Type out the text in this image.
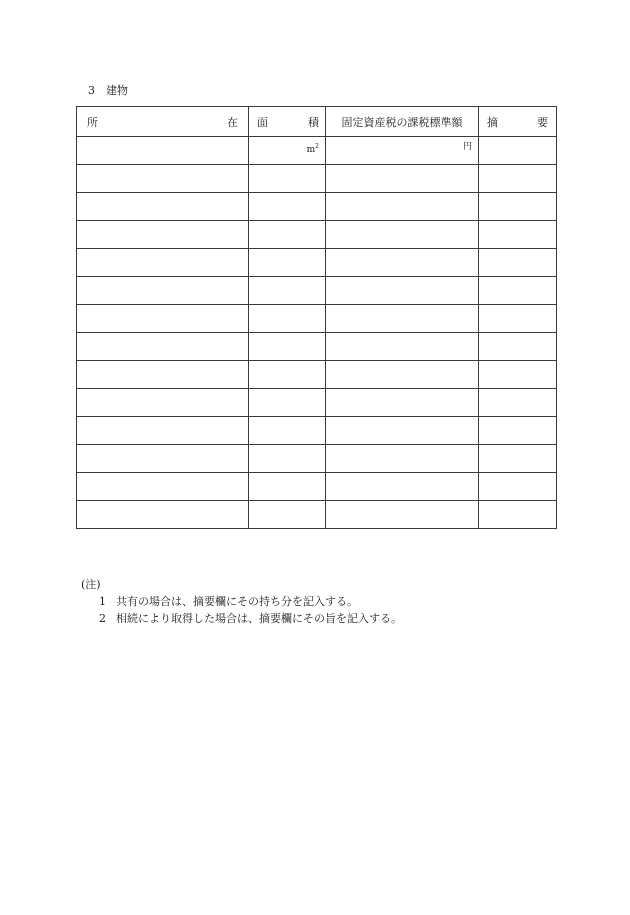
3 建物
所 在	面 積	固定資産税の課税標準額	摘 要

	$m^2$	円	

(注)
1 共有の場合は、摘要欄にその持ち分を記入する。
2 相続により取得した場合は、摘要欄にその旨を記入する。
